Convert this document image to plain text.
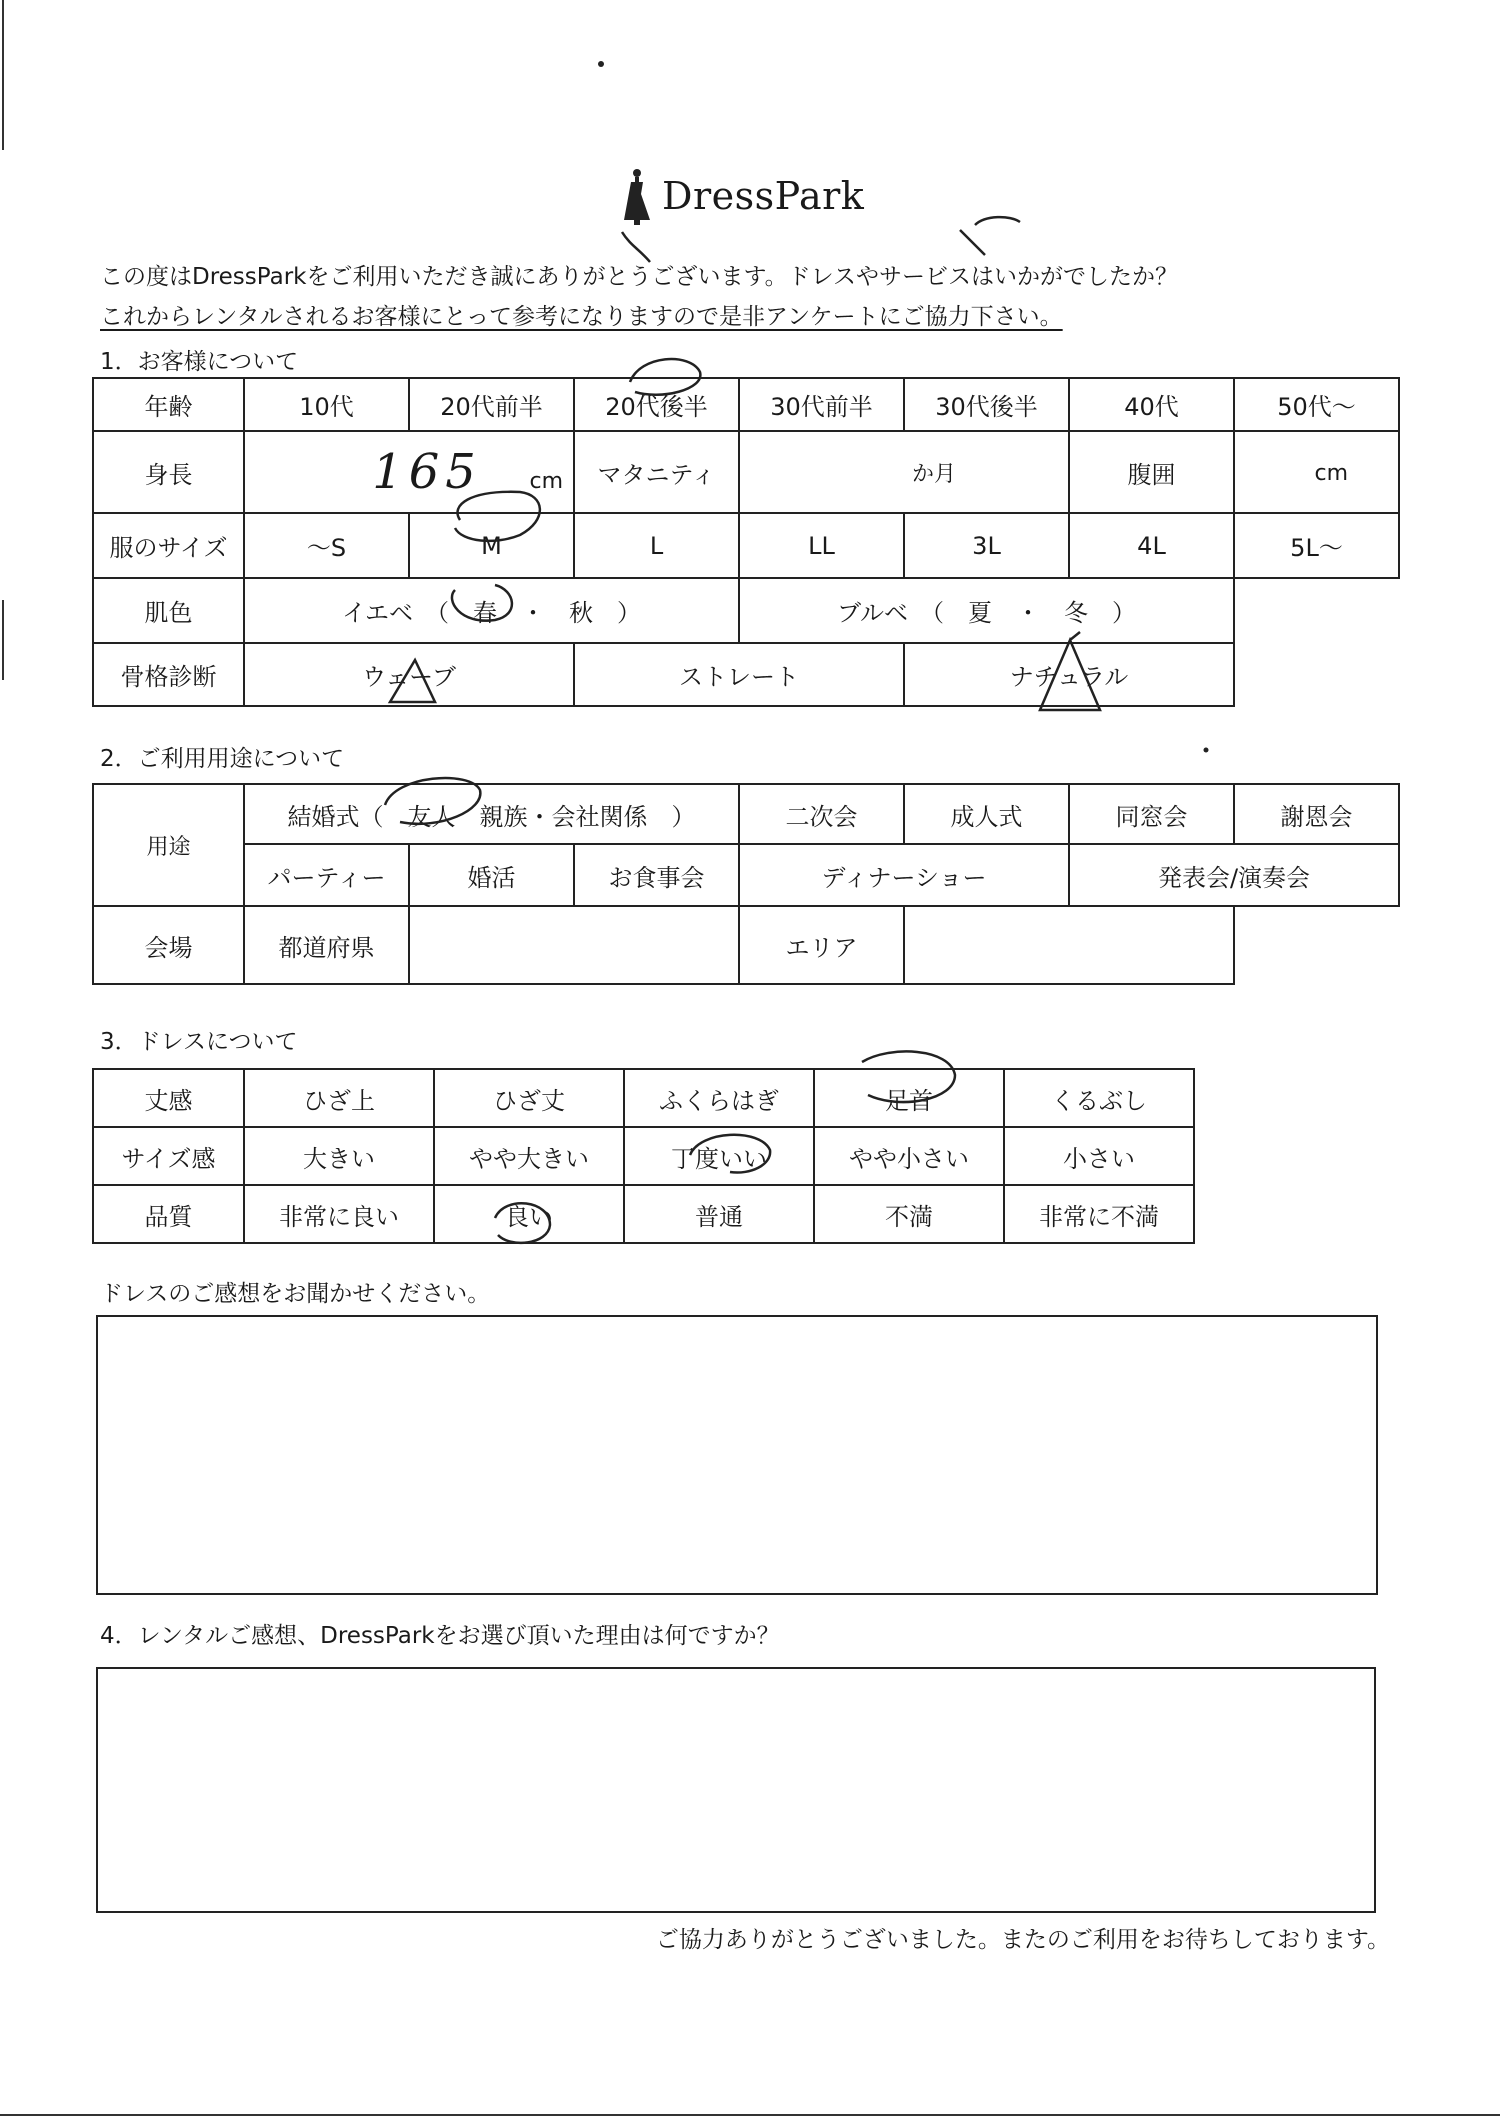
DressPark
この度はDressParkをご利用いただき誠にありがとうございます。ドレスやサービスはいかがでしたか？
これからレンタルされるお客様にとって参考になりますので是非アンケートにご協力下さい。
1．お客様について
年齢	10代	20代前半	20代後半	30代前半	30代後半	40代	50代～
身長	165 cm		マタニティ	か月		腹囲	cm
服のサイズ	～S	M	L	LL	3L	4L	5L～
肌色	イエベ　（　春　・　秋　）			ブルベ　（　夏　・　冬　）			
骨格診断	ウェーブ		ストレート		ナチュラル		
2．ご利用用途について
用途	結婚式（　友人　親族・会社関係　）			二次会	成人式	同窓会	謝恩会
	パーティー	婚活	お食事会	ディナーショー		発表会/演奏会	
会場	都道府県			エリア			
3．ドレスについて
丈感	ひざ上	ひざ丈	ふくらはぎ	足首	くるぶし
サイズ感	大きい	やや大きい	丁度いい	やや小さい	小さい
品質	非常に良い	良い	普通	不満	非常に不満
ドレスのご感想をお聞かせください。
4．レンタルご感想、DressParkをお選び頂いた理由は何ですか？
ご協力ありがとうございました。またのご利用をお待ちしております。
